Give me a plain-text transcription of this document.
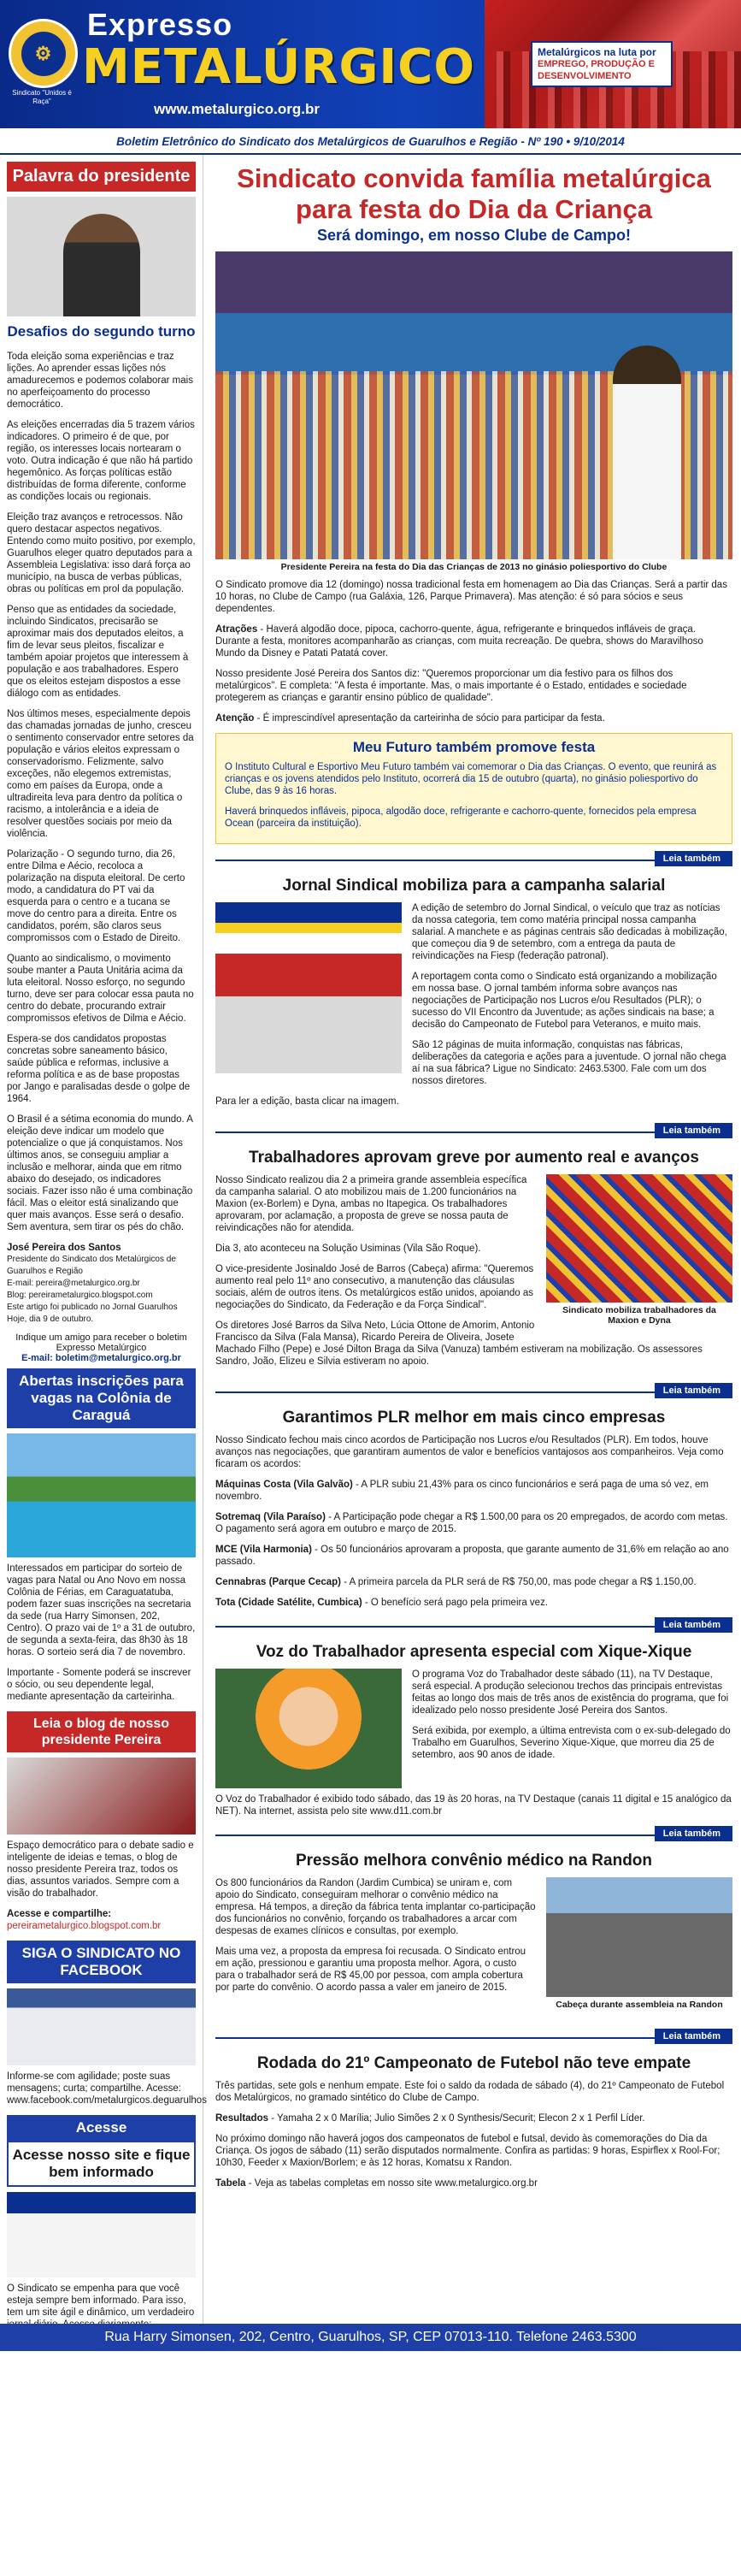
⚙
Sindicato "Unidos é Raça"
Expresso
METALÚRGICO
www.metalurgico.org.br
Metalúrgicos na luta por
EMPREGO, PRODUÇÃO E DESENVOLVIMENTO
Boletim Eletrônico do Sindicato dos Metalúrgicos de Guarulhos e Região - Nº 190 • 9/10/2014
Palavra do presidente
Desafios do segundo turno

Toda eleição soma experiências e traz lições. Ao aprender essas lições nós amadurecemos e podemos colaborar mais no aperfeiçoamento do processo democrático.

As eleições encerradas dia 5 trazem vários indicadores. O primeiro é de que, por região, os interesses locais nortearam o voto. Outra indicação é que não há partido hegemônico. As forças políticas estão distribuídas de forma diferente, conforme as condições locais ou regionais.

Eleição traz avanços e retrocessos. Não quero destacar aspectos negativos. Entendo como muito positivo, por exemplo, Guarulhos eleger quatro deputados para a Assembleia Legislativa: isso dará força ao município, na busca de verbas públicas, obras ou políticas em prol da população.

Penso que as entidades da sociedade, incluindo Sindicatos, precisarão se aproximar mais dos deputados eleitos, a fim de levar seus pleitos, fiscalizar e também apoiar projetos que interessem à população e aos trabalhadores. Espero que os eleitos estejam dispostos a esse diálogo com as entidades.

Nos últimos meses, especialmente depois das chamadas jornadas de junho, cresceu o sentimento conservador entre setores da população e vários eleitos expressam o conservadorismo. Felizmente, salvo exceções, não elegemos extremistas, como em países da Europa, onde a ultradireita leva para dentro da política o racismo, a intolerância e a ideia de resolver questões sociais por meio da violência.

Polarização - O segundo turno, dia 26, entre Dilma e Aécio, recoloca a polarização na disputa eleitoral. De certo modo, a candidatura do PT vai da esquerda para o centro e a tucana se move do centro para a direita. Entre os candidatos, porém, são claros seus compromissos com o Estado de Direito.

Quanto ao sindicalismo, o movimento soube manter a Pauta Unitária acima da luta eleitoral. Nosso esforço, no segundo turno, deve ser para colocar essa pauta no centro do debate, procurando extrair compromissos efetivos de Dilma e Aécio.

Espera-se dos candidatos propostas concretas sobre saneamento básico, saúde pública e reformas, inclusive a reforma política e as de base propostas por Jango e paralisadas desde o golpe de 1964.

O Brasil é a sétima economia do mundo. A eleição deve indicar um modelo que potencialize o que já conquistamos. Nos últimos anos, se conseguiu ampliar a inclusão e melhorar, ainda que em ritmo abaixo do desejado, os indicadores sociais. Fazer isso não é uma combinação fácil. Mas o eleitor está sinalizando que quer mais avanços. Esse será o desafio. Sem aventura, sem tirar os pés do chão.

José Pereira dos Santos
Presidente do Sindicato dos Metalúrgicos de Guarulhos e Região
E-mail: pereira@metalurgico.org.br
Blog: pereirametalurgico.blogspot.com
Este artigo foi publicado no Jornal Guarulhos Hoje, dia 9 de outubro.
Indique um amigo para receber o boletim Expresso Metalúrgico
E-mail: boletim@metalurgico.org.br
Abertas inscrições para vagas na Colônia de Caraguá

Interessados em participar do sorteio de vagas para Natal ou Ano Novo em nossa Colônia de Férias, em Caraguatatuba, podem fazer suas inscrições na secretaria da sede (rua Harry Simonsen, 202, Centro). O prazo vai de 1º a 31 de outubro, de segunda a sexta-feira, das 8h30 às 18 horas. O sorteio será dia 7 de novembro.

Importante - Somente poderá se inscrever o sócio, ou seu dependente legal, mediante apresentação da carteirinha.

Leia o blog de nosso presidente Pereira

Espaço democrático para o debate sadio e inteligente de ideias e temas, o blog de nosso presidente Pereira traz, todos os dias, assuntos variados. Sempre com a visão do trabalhador.

Acesse e compartilhe:
pereirametalurgico.blogspot.com.br

SIGA O SINDICATO NO FACEBOOK

Informe-se com agilidade; poste suas mensagens; curta; compartilhe. Acesse: www.facebook.com/metalurgicos.deguarulhos

Acesse
Acesse nosso site e fique bem informado

O Sindicato se empenha para que você esteja sempre bem informado. Para isso, tem um site ágil e dinâmico, um verdadeiro

Sindicato convida família metalúrgica para festa do Dia da Criança
Será domingo, em nosso Clube de Campo!
Presidente Pereira na festa do Dia das Crianças de 2013 no ginásio poliesportivo do Clube

O Sindicato promove dia 12 (domingo) nossa tradicional festa em homenagem ao Dia das Crianças. Será a partir das 10 horas, no Clube de Campo (rua Galáxia, 126, Parque Primavera). Mas atenção: é só para sócios e seus dependentes.

Atrações - Haverá algodão doce, pipoca, cachorro-quente, água, refrigerante e brinquedos infláveis de graça. Durante a festa, monitores acompanharão as crianças, com muita recreação. De quebra, shows do Maravilhoso Mundo da Disney e Patati Patatá cover.

Nosso presidente José Pereira dos Santos diz: "Queremos proporcionar um dia festivo para os filhos dos metalúrgicos". E completa: "A festa é importante. Mas, o mais importante é o Estado, entidades e sociedade protegerem as crianças e garantir ensino público de qualidade".

Atenção - É imprescindível apresentação da carteirinha de sócio para participar da festa.

Meu Futuro também promove festa

O Instituto Cultural e Esportivo Meu Futuro também vai comemorar o Dia das Crianças. O evento, que reunirá as crianças e os jovens atendidos pelo Instituto, ocorrerá dia 15 de outubro (quarta), no ginásio poliesportivo do Clube, das 9 às 16 horas.

Haverá brinquedos infláveis, pipoca, algodão doce, refrigerante e cachorro-quente, fornecidos pela empresa Ocean (parceira da instituição).

Leia também
Jornal Sindical mobiliza para a campanha salarial

A edição de setembro do Jornal Sindical, o veículo que traz as notícias da nossa categoria, tem como matéria principal nossa campanha salarial. A manchete e as páginas centrais são dedicadas à mobilização, que começou dia 9 de setembro, com a entrega da pauta de reivindicações na Fiesp (federação patronal).

A reportagem conta como o Sindicato está organizando a mobilização em nossa base. O jornal também informa sobre avanços nas negociações de Participação nos Lucros e/ou Resultados (PLR); o sucesso do VII Encontro da Juventude; as ações sindicais na base; a decisão do Campeonato de Futebol para Veteranos, e muito mais.

São 12 páginas de muita informação, conquistas nas fábricas, deliberações da categoria e ações para a juventude. O jornal não chega aí na sua fábrica? Ligue no Sindicato: 2463.5300. Fale com um dos nossos diretores.

Para ler a edição, basta clicar na imagem.

Leia também
Trabalhadores aprovam greve por aumento real e avanços
Sindicato mobiliza trabalhadores da Maxion e Dyna

Nosso Sindicato realizou dia 2 a primeira grande assembleia específica da campanha salarial. O ato mobilizou mais de 1.200 funcionários na Maxion (ex-Borlem) e Dyna, ambas no Itapegica. Os trabalhadores aprovaram, por aclamação, a proposta de greve se nossa pauta de reivindicações não for atendida.

Dia 3, ato aconteceu na Solução Usiminas (Vila São Roque).

O vice-presidente Josinaldo José de Barros (Cabeça) afirma: "Queremos aumento real pelo 11º ano consecutivo, a manutenção das cláusulas sociais, além de outros itens. Os metalúrgicos estão unidos, apoiando as negociações do Sindicato, da Federação e da Força Sindical".

Os diretores José Barros da Silva Neto, Lúcia Ottone de Amorim, Antonio Francisco da Silva (Fala Mansa), Ricardo Pereira de Oliveira, Josete Machado Filho (Pepe) e José Dilton Braga da Silva (Vanuza) também estiveram na mobilização. Os assessores Sandro, João, Elizeu e Silvia estiveram no apoio.

Leia também
Garantimos PLR melhor em mais cinco empresas

Nosso Sindicato fechou mais cinco acordos de Participação nos Lucros e/ou Resultados (PLR). Em todos, houve avanços nas negociações, que garantiram aumentos de valor e benefícios vantajosos aos companheiros. Veja como ficaram os acordos:

Máquinas Costa (Vila Galvão) - A PLR subiu 21,43% para os cinco funcionários e será paga de uma só vez, em novembro.

Sotremaq (Vila Paraíso) - A Participação pode chegar a R$ 1.500,00 para os 20 empregados, de acordo com metas. O pagamento será agora em outubro e março de 2015.

MCE (Vila Harmonia) - Os 50 funcionários aprovaram a proposta, que garante aumento de 31,6% em relação ao ano passado.

Cennabras (Parque Cecap) - A primeira parcela da PLR será de R$ 750,00, mas pode chegar a R$ 1.150,00.

Tota (Cidade Satélite, Cumbica) - O benefício será pago pela primeira vez.

Leia também
Voz do Trabalhador apresenta especial com Xique-Xique

O programa Voz do Trabalhador deste sábado (11), na TV Destaque, será especial. A produção selecionou trechos das principais entrevistas feitas ao longo dos mais de três anos de existência do programa, que foi idealizado pelo nosso presidente José Pereira dos Santos.

Será exibida, por exemplo, a última entrevista com o ex-sub-delegado do Trabalho em Guarulhos, Severino Xique-Xique, que morreu dia 25 de setembro, aos 90 anos de idade.

O Voz do Trabalhador é exibido todo sábado, das 19 às 20 horas, na TV Destaque (canais 11 digital e 15 analógico da NET). Na internet, assista pelo site www.d11.com.br

Leia também
Pressão melhora convênio médico na Randon
Cabeça durante assembleia na Randon

Os 800 funcionários da Randon (Jardim Cumbica) se uniram e, com apoio do Sindicato, conseguiram melhorar o convênio médico na empresa. Há tempos, a direção da fábrica tenta implantar co-participação dos funcionários no convênio, forçando os trabalhadores a arcar com despesas de exames clínicos e consultas, por exemplo.

Mais uma vez, a proposta da empresa foi recusada. O Sindicato entrou em ação, pressionou e garantiu uma proposta melhor. Agora, o custo para o trabalhador será de R$ 45,00 por pessoa, com ampla cobertura por parte do convênio. O acordo passa a valer em janeiro de 2015.

Leia também
Rodada do 21º Campeonato de Futebol não teve empate

Três partidas, sete gols e nenhum empate. Este foi o saldo da rodada de sábado (4), do 21º Campeonato de Futebol dos Metalúrgicos, no gramado sintético do Clube de Campo.

Resultados - Yamaha 2 x 0 Marília; Julio Simões 2 x 0 Synthesis/Securit; Elecon 2 x 1 Perfil Líder.

No próximo domingo não haverá jogos dos campeonatos de futebol e futsal, devido às comemorações do Dia da Criança. Os jogos de sábado (11) serão disputados normalmente. Confira as partidas: 9 horas, Espirflex x Rool-For; 10h30, Feeder x Maxion/Borlem; e às 12 horas, Komatsu x Randon.

Tabela - Veja as tabelas completas em nosso site www.metalurgico.org.br

Rua Harry Simonsen, 202, Centro, Guarulhos, SP, CEP 07013-110. Telefone 2463.5300
